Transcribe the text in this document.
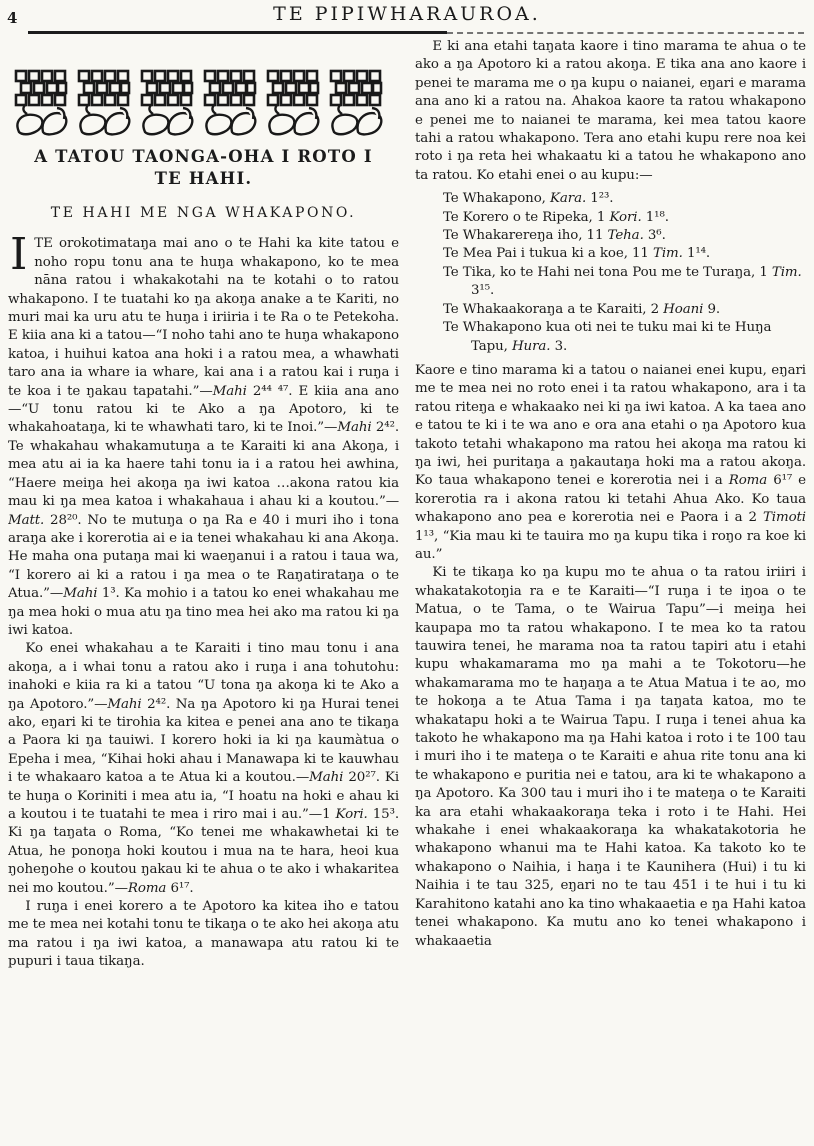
4	TE PIPIWHARAUROA.
A TATOU TAONGA-OHA I ROTO I
TE HAHI.
TE HAHI ME NGA WHAKAPONO.

ITE orokotimataŋa mai ano o te Hahi ka kite tatou e noho ropu tonu ana te huŋa whakapono, ko te mea nāna ratou i whakakotahi na te kotahi o to ratou whakapono. I te tuatahi ko ŋa akoŋa anake a te Kariti, no muri mai ka uru atu te huŋa i iriiria i te Ra o te Petekoha. E kiia ana ki a tatou—“I noho tahi ano te huŋa whakapono katoa, i huihui katoa ana hoki i a ratou mea, a whawhati taro ana ia whare ia whare, kai ana i a ratou kai i ruŋa i te koa i te ŋakau tapatahi.”—Mahi 2⁴⁴ ⁴⁷. E kiia ana ano—“U tonu ratou ki te Ako a ŋa Apotoro, ki te whakahoataŋa, ki te whawhati taro, ki te Inoi.”—Mahi 2⁴². Te whakahau whakamutuŋa a te Karaiti ki ana Akoŋa, i mea atu ai ia ka haere tahi tonu ia i a ratou hei awhina, “Haere meiŋa hei akoŋa ŋa iwi katoa …akona ratou kia mau ki ŋa mea katoa i whakahaua i ahau ki a koutou.”—Matt. 28²⁰. No te mutuŋa o ŋa Ra e 40 i muri iho i tona araŋa ake i korerotia ai e ia tenei whakahau ki ana Akoŋa. He maha ona putaŋa mai ki waeŋanui i a ratou i taua wa, “I korero ai ki a ratou i ŋa mea o te Raŋatirataŋa o te Atua.”—Mahi 1³. Ka mohio i a tatou ko enei whakahau me ŋa mea hoki o mua atu ŋa tino mea hei ako ma ratou ki ŋa iwi katoa.

Ko enei whakahau a te Karaiti i tino mau tonu i ana akoŋa, a i whai tonu a ratou ako i ruŋa i ana tohutohu: inahoki e kiia ra ki a tatou “U tona ŋa akoŋa ki te Ako a ŋa Apotoro.”—Mahi 2⁴². Na ŋa Apotoro ki ŋa Hurai tenei ako, eŋari ki te tirohia ka kitea e penei ana ano te tikaŋa a Paora ki ŋa tauiwi. I korero hoki ia ki ŋa kaumàtua o Epeha i mea, “Kihai hoki ahau i Manawapa ki te kauwhau i te whakaaro katoa a te Atua ki a koutou.—Mahi 20²⁷. Ki te huŋa o Koriniti i mea atu ia, “I hoatu na hoki e ahau ki a koutou i te tuatahi te mea i riro mai i au.”—1 Kori. 15³. Ki ŋa taŋata o Roma, “Ko tenei me whakawhetai ki te Atua, he ponoŋa hoki koutou i mua na te hara, heoi kua ŋoheŋohe o koutou ŋakau ki te ahua o te ako i whakaritea nei mo koutou.”—Roma 6¹⁷.

I ruŋa i enei korero a te Apotoro ka kitea iho e tatou me te mea nei kotahi tonu te tikaŋa o te ako hei akoŋa atu ma ratou i ŋa iwi katoa, a manawapa atu ratou ki te pupuri i taua tikaŋa.

E ki ana etahi taŋata kaore i tino marama te ahua o te ako a ŋa Apotoro ki a ratou akoŋa. E tika ana ano kaore i penei te marama me o ŋa kupu o naianei, eŋari e marama ana ano ki a ratou na. Ahakoa kaore ta ratou whakapono e penei me to naianei te marama, kei mea tatou kaore tahi a ratou whakapono. Tera ano etahi kupu rere noa kei roto i ŋa reta hei whakaatu ki a tatou he whakapono ano ta ratou. Ko etahi enei o au kupu:—

Te Whakapono, Kara. 1²³.
Te Korero o te Ripeka, 1 Kori. 1¹⁸.
Te Whakarereŋa iho, 11 Teha. 3⁶.
Te Mea Pai i tukua ki a koe, 11 Tim. 1¹⁴.
Te Tika, ko te Hahi nei tona Pou me te Turaŋa, 1 Tim. 3¹⁵.
Te Whakaakoraŋa a te Karaiti, 2 Hoani 9.
Te Whakapono kua oti nei te tuku mai ki te Huŋa Tapu, Hura. 3.

Kaore e tino marama ki a tatou o naianei enei kupu, eŋari me te mea nei no roto enei i ta ratou whakapono, ara i ta ratou riteŋa e whakaako nei ki ŋa iwi katoa. A ka taea ano e tatou te ki i te wa ano e ora ana etahi o ŋa Apotoro kua takoto tetahi whakapono ma ratou hei akoŋa ma ratou ki ŋa iwi, hei puritaŋa a ŋakautaŋa hoki ma a ratou akoŋa. Ko taua whakapono tenei e korerotia nei i a Roma 6¹⁷ e korerotia ra i akona ratou ki tetahi Ahua Ako. Ko taua whakapono ano pea e korerotia nei e Paora i a 2 Timoti 1¹³, “Kia mau ki te tauira mo ŋa kupu tika i roŋo ra koe ki au.”

Ki te tikaŋa ko ŋa kupu mo te ahua o ta ratou iriiri i whakatakotoŋia ra e te Karaiti—“I ruŋa i te iŋoa o te Matua, o te Tama, o te Wairua Tapu”—i meiŋa hei kaupapa mo ta ratou whakapono. I te mea ko ta ratou tauwira tenei, he marama noa ta ratou tapiri atu i etahi kupu whakamarama mo ŋa mahi a te Tokotoru—he whakamarama mo te haŋaŋa a te Atua Matua i te ao, mo te hokoŋa a te Atua Tama i ŋa taŋata katoa, mo te whakatapu hoki a te Wairua Tapu. I ruŋa i tenei ahua ka takoto he whakapono ma ŋa Hahi katoa i roto i te 100 tau i muri iho i te mateŋa o te Karaiti e ahua rite tonu ana ki te whakapono e puritia nei e tatou, ara ki te whakapono a ŋa Apotoro. Ka 300 tau i muri iho i te mateŋa o te Karaiti ka ara etahi whakaakoraŋa teka i roto i te Hahi. Hei whakahe i enei whakaakoraŋa ka whakatakotoria he whakapono whanui ma te Hahi katoa. Ka takoto ko te whakapono o Naihia, i haŋa i te Kaunihera (Hui) i tu ki Naihia i te tau 325, eŋari no te tau 451 i te hui i tu ki Karahitono katahi ano ka tino whakaaetia e ŋa Hahi katoa tenei whakapono. Ka mutu ano ko tenei whakapono i whakaaetia
